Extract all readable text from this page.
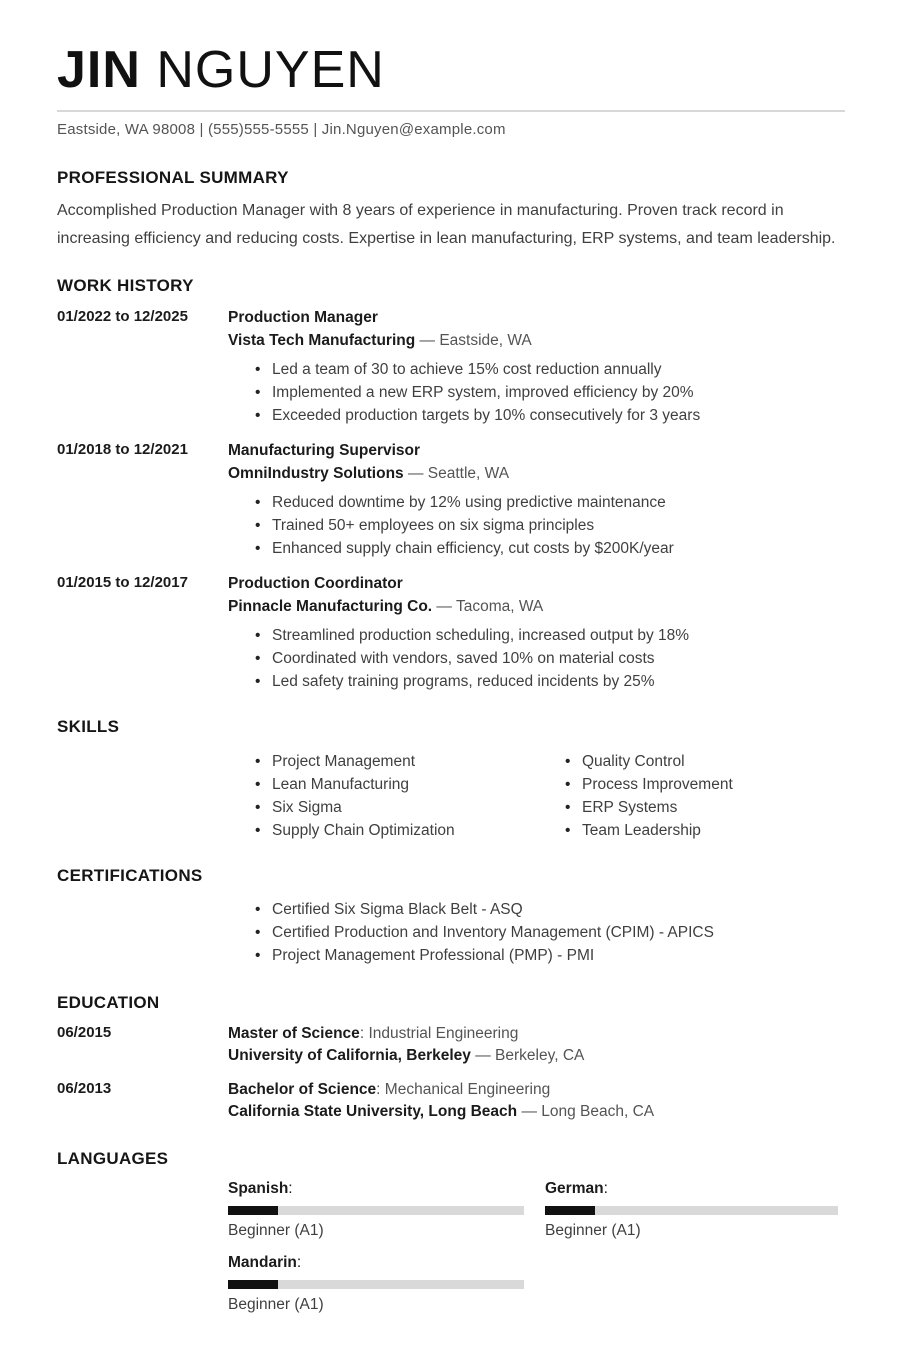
JIN NGUYEN
Eastside, WA 98008 | (555)555-5555 | Jin.Nguyen@example.com
PROFESSIONAL SUMMARY

Accomplished Production Manager with 8 years of experience in manufacturing. Proven track record in increasing efficiency and reducing costs. Expertise in lean manufacturing, ERP systems, and team leadership.

WORK HISTORY
01/2022 to 12/2025	Production Manager
Vista Tech Manufacturing — Eastside, WA
• Led a team of 30 to achieve 15% cost reduction annually
• Implemented a new ERP system, improved efficiency by 20%
• Exceeded production targets by 10% consecutively for 3 years
01/2018 to 12/2021	Manufacturing Supervisor
OmniIndustry Solutions — Seattle, WA
• Reduced downtime by 12% using predictive maintenance
• Trained 50+ employees on six sigma principles
• Enhanced supply chain efficiency, cut costs by $200K/year
01/2015 to 12/2017	Production Coordinator
Pinnacle Manufacturing Co. — Tacoma, WA
• Streamlined production scheduling, increased output by 18%
• Coordinated with vendors, saved 10% on material costs
• Led safety training programs, reduced incidents by 25%
SKILLS
• Project Management
• Lean Manufacturing
• Six Sigma
• Supply Chain Optimization
• Quality Control
• Process Improvement
• ERP Systems
• Team Leadership
CERTIFICATIONS
• Certified Six Sigma Black Belt - ASQ
• Certified Production and Inventory Management (CPIM) - APICS
• Project Management Professional (PMP) - PMI
EDUCATION
06/2015	Master of Science: Industrial Engineering
University of California, Berkeley — Berkeley, CA
06/2013	Bachelor of Science: Mechanical Engineering
California State University, Long Beach — Long Beach, CA
LANGUAGES
Spanish:
Beginner (A1)
German:
Beginner (A1)
Mandarin:
Beginner (A1)
